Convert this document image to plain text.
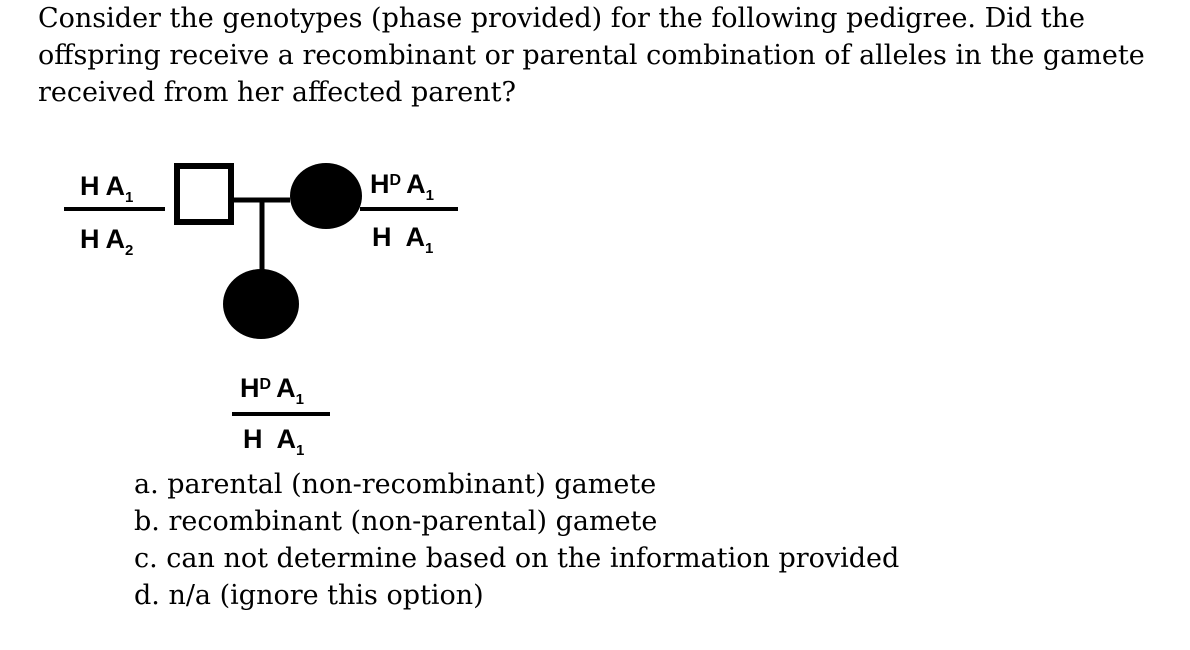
Consider the genotypes (phase provided) for the following pedigree. Did the offspring receive a recombinant or parental combination of alleles in the gamete received from her affected parent?

H $A_1$
H $A_2$
$H^D$ $A_1$
H $A_1$
$H^D$ $A_1$
H $A_1$
a. parental (non-recombinant) gamete
b. recombinant (non-parental) gamete
c. can not determine based on the information provided
d. n/a (ignore this option)
